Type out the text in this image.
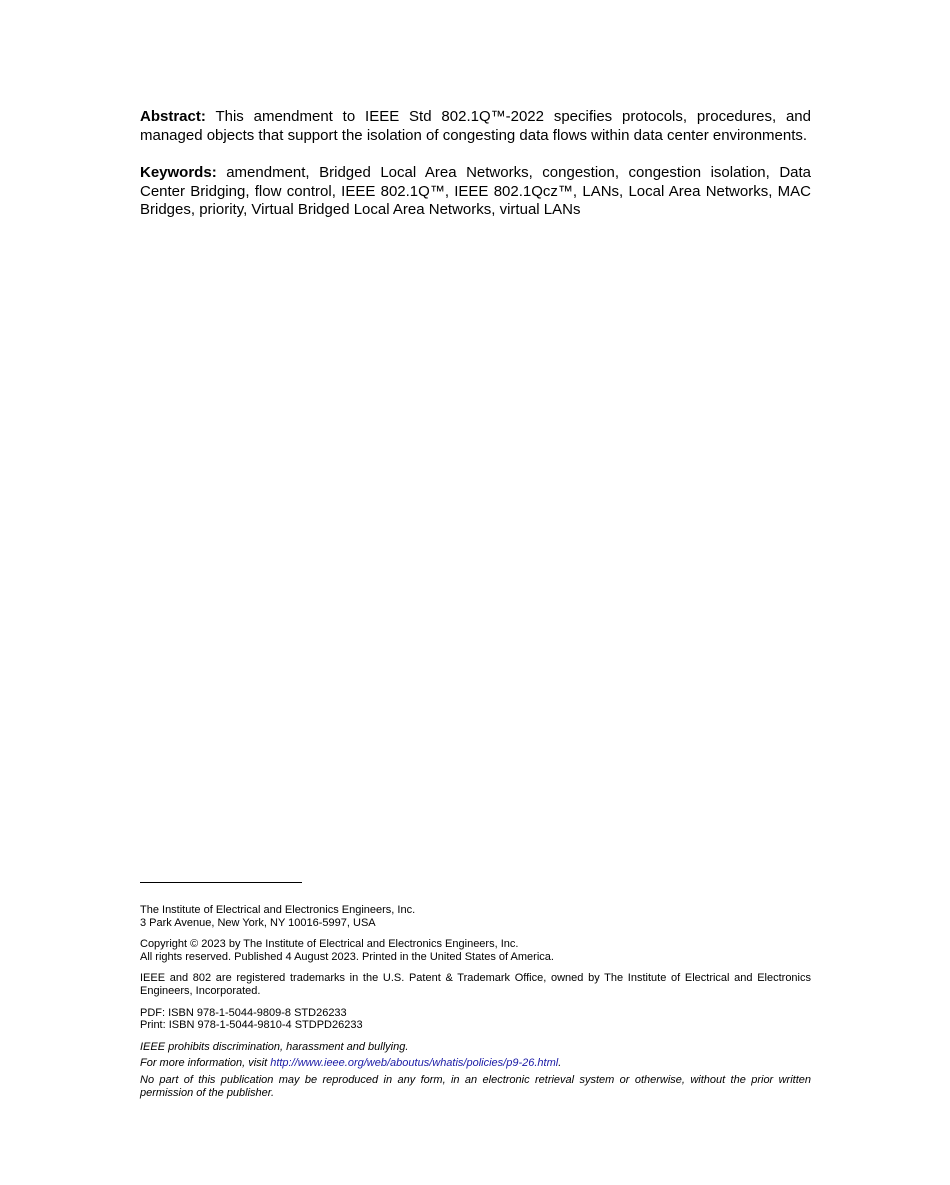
Abstract: This amendment to IEEE Std 802.1Q™-2022 specifies protocols, procedures, and managed objects that support the isolation of congesting data flows within data center environments.

Keywords: amendment, Bridged Local Area Networks, congestion, congestion isolation, Data Center Bridging, flow control, IEEE 802.1Q™, IEEE 802.1Qcz™, LANs, Local Area Networks, MAC Bridges, priority, Virtual Bridged Local Area Networks, virtual LANs

The Institute of Electrical and Electronics Engineers, Inc.
3 Park Avenue, New York, NY 10016-5997, USA
Copyright © 2023 by The Institute of Electrical and Electronics Engineers, Inc.
All rights reserved. Published 4 August 2023. Printed in the United States of America.
IEEE and 802 are registered trademarks in the U.S. Patent & Trademark Office, owned by The Institute of Electrical and Electronics Engineers, Incorporated.
PDF: ISBN 978-1-5044-9809-8 STD26233
Print: ISBN 978-1-5044-9810-4 STDPD26233
IEEE prohibits discrimination, harassment and bullying.
For more information, visit http://www.ieee.org/web/aboutus/whatis/policies/p9-26.html.
No part of this publication may be reproduced in any form, in an electronic retrieval system or otherwise, without the prior written permission of the publisher.
